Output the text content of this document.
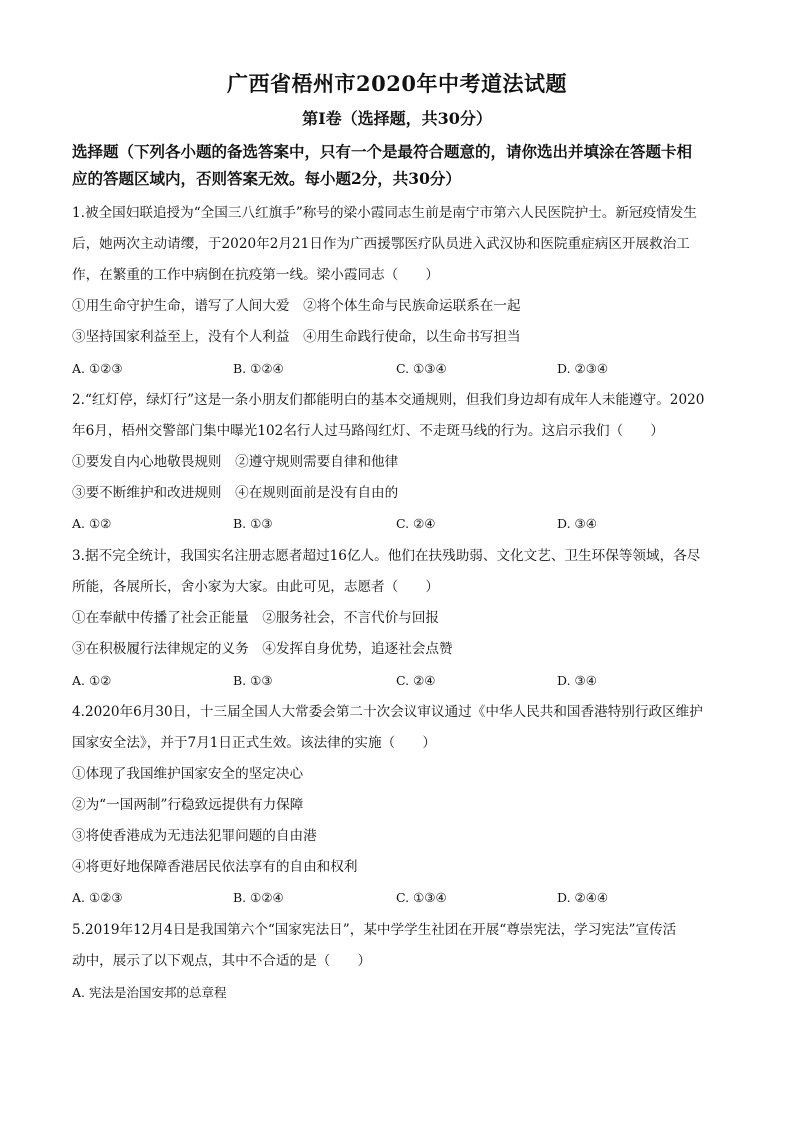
广西省梧州市2020年中考道法试题
第Ⅰ卷（选择题，共30分）
选择题（下列各小题的备选答案中，只有一个是最符合题意的，请你选出并填涂在答题卡相
应的答题区域内，否则答案无效。每小题2分，共30分）
1.被全国妇联追授为“全国三八红旗手”称号的梁小霞同志生前是南宁市第六人民医院护士。新冠疫情发生
后，她两次主动请缨，于2020年2月21日作为广西援鄂医疗队员进入武汉协和医院重症病区开展救治工
作，在繁重的工作中病倒在抗疫第一线。梁小霞同志（　　）
①用生命守护生命，谱写了人间大爱　②将个体生命与民族命运联系在一起
③坚持国家利益至上，没有个人利益　④用生命践行使命，以生命书写担当
A. ①②③	B. ①②④	C. ①③④	D. ②③④
2.“红灯停，绿灯行”这是一条小朋友们都能明白的基本交通规则，但我们身边却有成年人未能遵守。2020
年6月，梧州交警部门集中曝光102名行人过马路闯红灯、不走斑马线的行为。这启示我们（　　）
①要发自内心地敬畏规则　②遵守规则需要自律和他律
③要不断维护和改进规则　④在规则面前是没有自由的
A. ①②	B. ①③	C. ②④	D. ③④
3.据不完全统计，我国实名注册志愿者超过16亿人。他们在扶残助弱、文化文艺、卫生环保等领域，各尽
所能，各展所长，舍小家为大家。由此可见，志愿者（　　）
①在奉献中传播了社会正能量　②服务社会，不言代价与回报
③在积极履行法律规定的义务　④发挥自身优势，追逐社会点赞
A. ①②	B. ①③	C. ②④	D. ③④
4.2020年6月30日，十三届全国人大常委会第二十次会议审议通过《中华人民共和国香港特别行政区维护
国家安全法》，并于7月1日正式生效。该法律的实施（　　）
①体现了我国维护国家安全的坚定决心
②为“一国两制”行稳致远提供有力保障
③将使香港成为无违法犯罪问题的自由港
④将更好地保障香港居民依法享有的自由和权利
A. ①②③	B. ①②④	C. ①③④	D. ②④④
5.2019年12月4日是我国第六个“国家宪法日”，某中学学生社团在开展“尊崇宪法，学习宪法”宣传活
动中，展示了以下观点，其中不合适的是（　　）
A. 宪法是治国安邦的总章程
